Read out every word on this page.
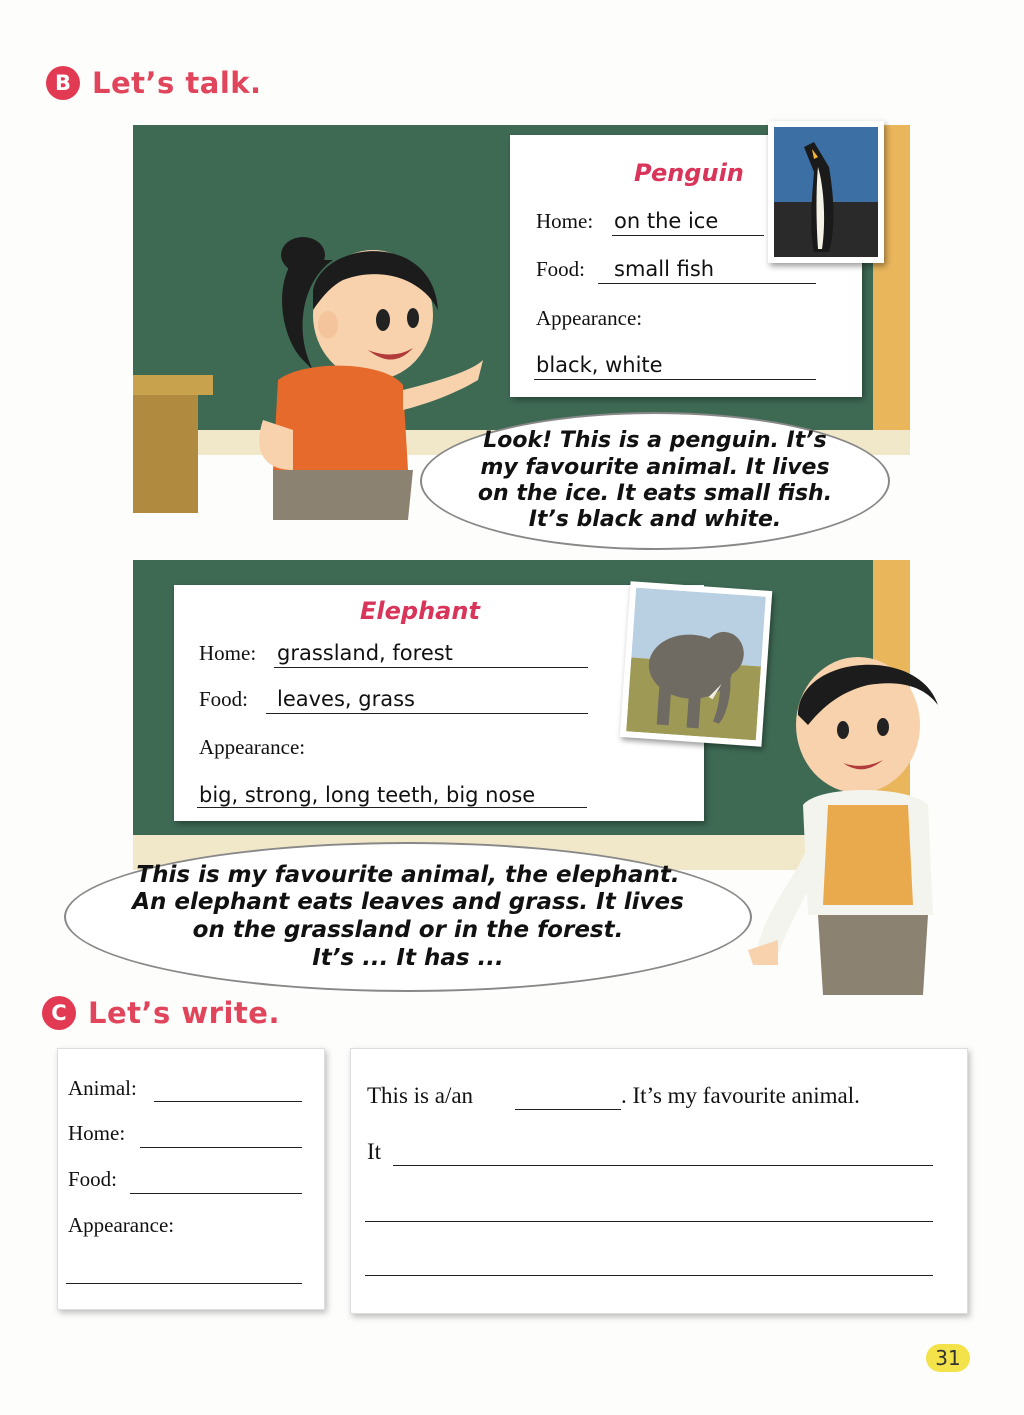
B Let’s talk.
Penguin
Home: on the ice
Food: small fish
Appearance:
black, white
Look! This is a penguin. It’s
my favourite animal. It lives
on the ice. It eats small fish.
It’s black and white.
Elephant
Home: grassland, forest
Food: leaves, grass
Appearance:
big, strong, long teeth, big nose
This is my favourite animal, the elephant.
An elephant eats leaves and grass. It lives
on the grassland or in the forest.
It’s ... It has ...
C Let’s write.
Animal:
Home:
Food:
Appearance:
This is a/an	. It’s my favourite animal.
It
31
